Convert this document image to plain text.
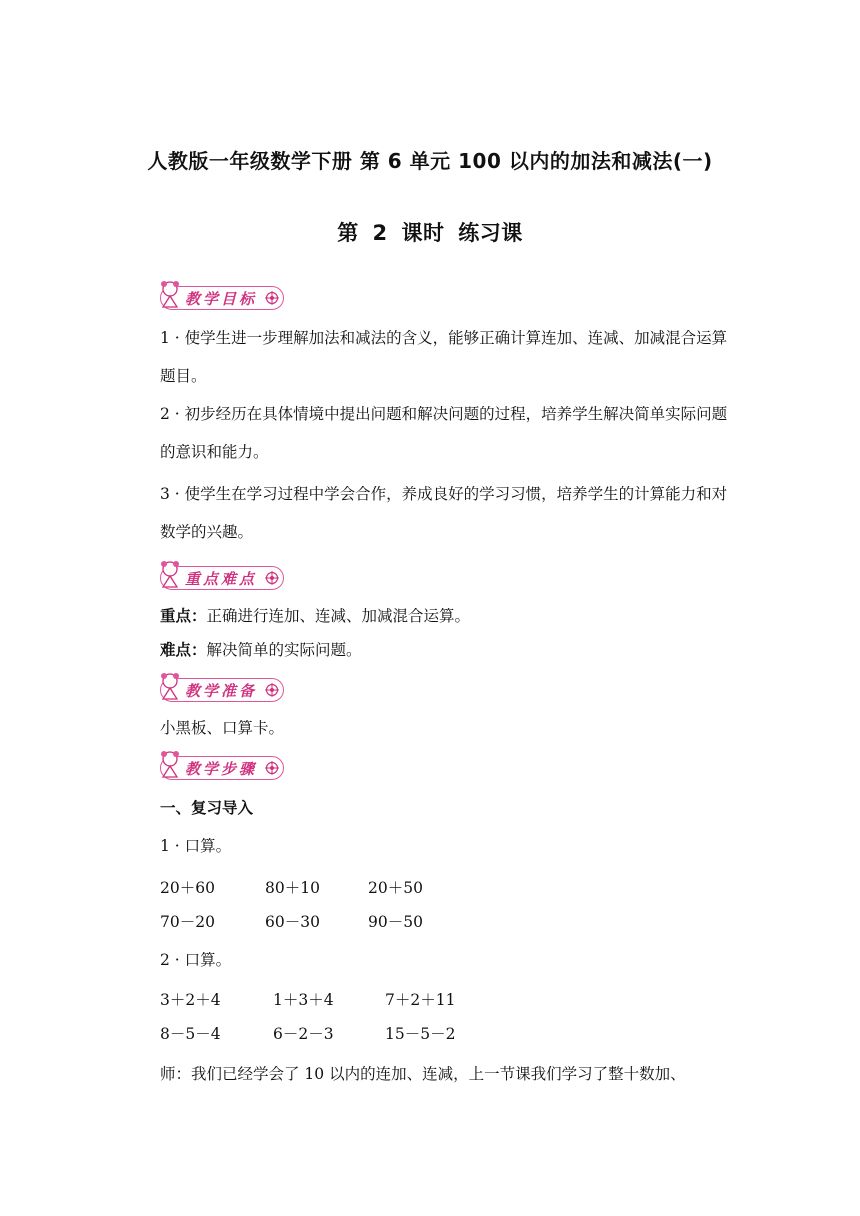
人教版一年级数学下册 第 6 单元 100 以内的加法和减法(一)
第 2 课时 练习课
教学目标
1 · 使学生进一步理解加法和减法的含义，能够正确计算连加、连减、加减混合运算题目。
2 · 初步经历在具体情境中提出问题和解决问题的过程，培养学生解决简单实际问题的意识和能力。
3 · 使学生在学习过程中学会合作，养成良好的学习习惯，培养学生的计算能力和对数学的兴趣。
重点难点
重点：正确进行连加、连减、加减混合运算。
难点：解决简单的实际问题。
教学准备
小黑板、口算卡。
教学步骤
一、复习导入
1 · 口算。
20＋60	80＋10	20＋50
70－20	60－30	90－50
2 · 口算。
3＋2＋4	1＋3＋4	7＋2＋11
8－5－4	6－2－3	15－5－2
师：我们已经学会了 10 以内的连加、连减，上一节课我们学习了整十数加、
